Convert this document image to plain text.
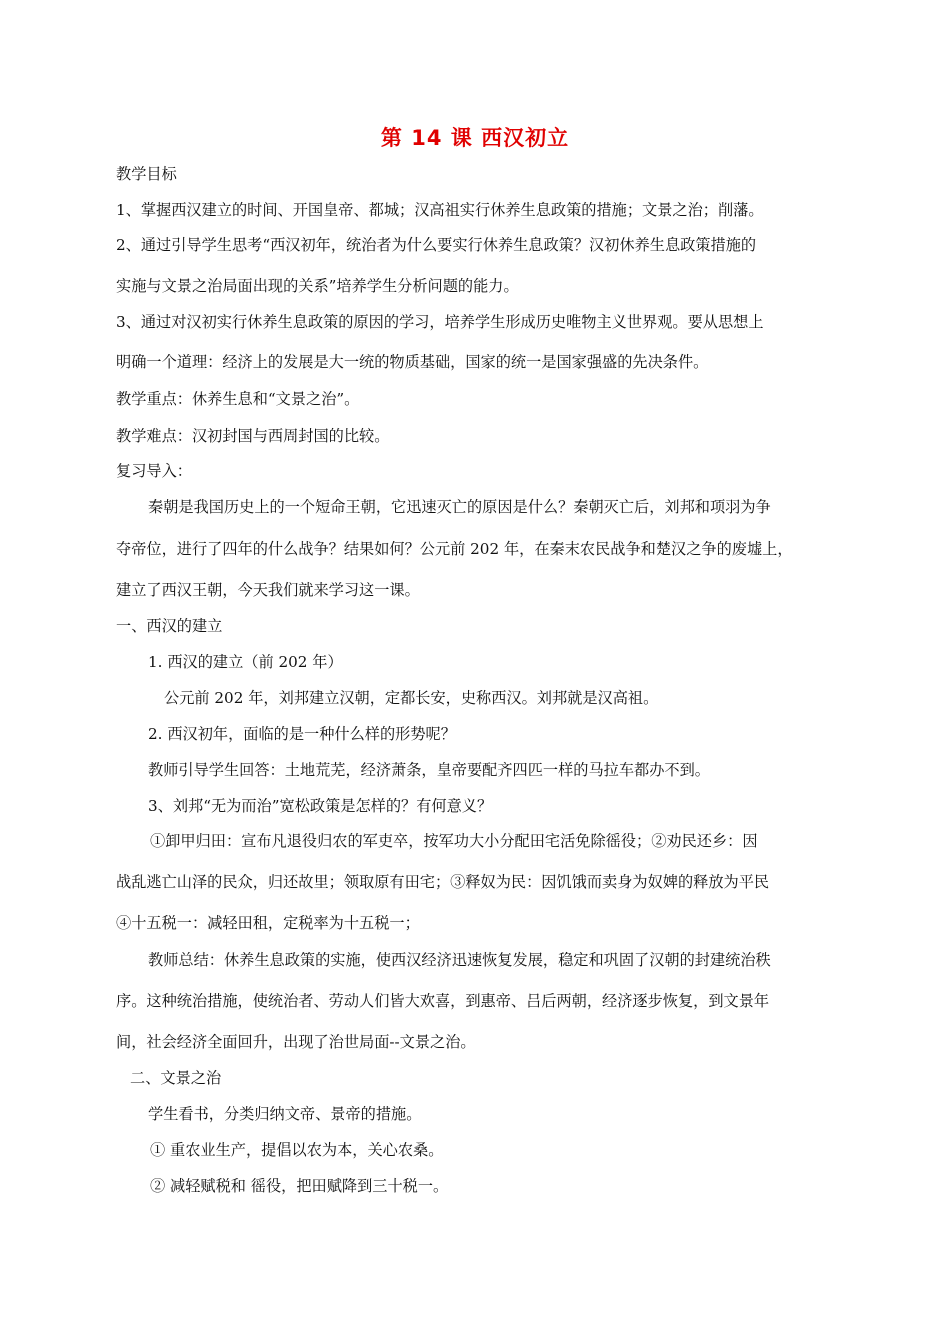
第 14 课 西汉初立
教学目标
1、掌握西汉建立的时间、开国皇帝、都城；汉高祖实行休养生息政策的措施；文景之治；削藩。
2、通过引导学生思考“西汉初年，统治者为什么要实行休养生息政策？汉初休养生息政策措施的
实施与文景之治局面出现的关系”培养学生分析问题的能力。
3、通过对汉初实行休养生息政策的原因的学习，培养学生形成历史唯物主义世界观。要从思想上
明确一个道理：经济上的发展是大一统的物质基础，国家的统一是国家强盛的先决条件。
教学重点：休养生息和“文景之治”。
教学难点：汉初封国与西周封国的比较。
复习导入：
秦朝是我国历史上的一个短命王朝，它迅速灭亡的原因是什么？秦朝灭亡后，刘邦和项羽为争
夺帝位，进行了四年的什么战争？结果如何？公元前 202 年，在秦末农民战争和楚汉之争的废墟上，
建立了西汉王朝，今天我们就来学习这一课。
一、西汉的建立
1. 西汉的建立（前 202 年）
公元前 202 年，刘邦建立汉朝，定都长安，史称西汉。刘邦就是汉高祖。
2. 西汉初年，面临的是一种什么样的形势呢？
教师引导学生回答：土地荒芜，经济萧条，皇帝要配齐四匹一样的马拉车都办不到。
3、刘邦“无为而治”宽松政策是怎样的？有何意义？
①卸甲归田：宣布凡退役归农的军吏卒，按军功大小分配田宅活免除徭役；②劝民还乡：因
战乱逃亡山泽的民众，归还故里；领取原有田宅；③释奴为民：因饥饿而卖身为奴婢的释放为平民
④十五税一：减轻田租，定税率为十五税一；
教师总结：休养生息政策的实施，使西汉经济迅速恢复发展，稳定和巩固了汉朝的封建统治秩
序。这种统治措施，使统治者、劳动人们皆大欢喜，到惠帝、吕后两朝，经济逐步恢复，到文景年
间，社会经济全面回升，出现了治世局面--文景之治。
二、文景之治
学生看书，分类归纳文帝、景帝的措施。
① 重农业生产，提倡以农为本，关心农桑。
② 减轻赋税和 徭役，把田赋降到三十税一。
